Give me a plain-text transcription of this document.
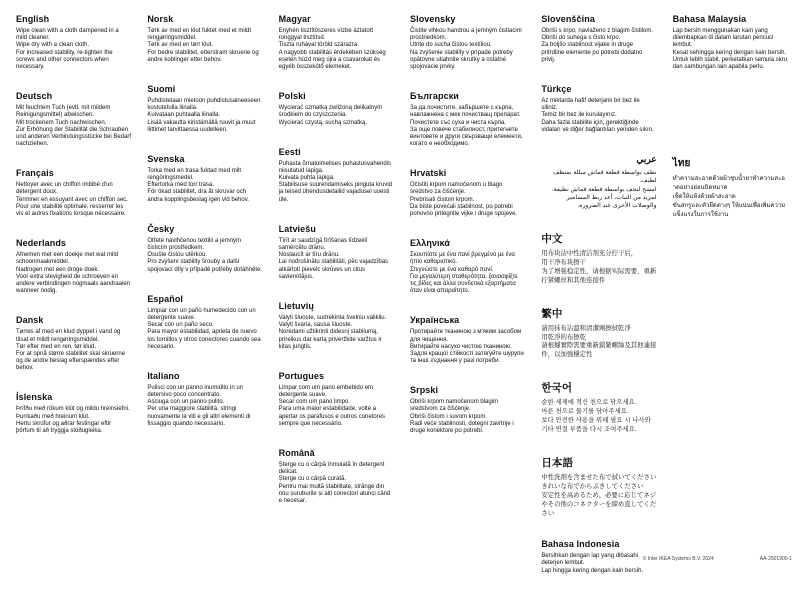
English

Wipe clean with a cloth dampened in a mild cleaner.

Wipe dry with a clean cloth.

For increased stability, re-tighten the screws and other connectors when necessary.

Deutsch

Mit feuchtem Tuch (evtl. mit mildem Reinigungsmittel) abwischen.

Mit trockenem Tuch nachwischen.

Zur Erhöhung der Stabilität die Schrauben und anderen Verbindungsstücke bei Bedarf nachziehen.

Français

Nettoyer avec un chiffon imbibé d'un détergent doux.

Terminer en essuyant avec un chiffon sec.

Pour une stabilité optimale, resserrer les vis et autres fixations lorsque nécessaire.

Nederlands

Afnemen met een doekje met wat mild schoonmaakmiddel.

Nadrogen met een droge doek.

Voor extra stevigheid de schroeven en andere verbindingen nogmaals aandraaien wanneer nodig.

Dansk

Tørres af med en klud dyppet i vand og tilsat et mildt rengøringsmiddel.

Tør efter med en ren, tør klud.

For at opnå større stabilitet skal skruerne og de andre beslag efterspændes efter behov.

Íslenska

Þrífðu með rökum klút og mildu hreinsiefni.

Þurrkaðu með hreinum klút.

Hertu skrúfur og aðrar festingar eftir þörfum til að tryggja stöðugleika.

Norsk

Tørk av med en klut fuktet med et mildt rengjøringsmiddel.

Tørk av med en tørr klut.

For bedre stabilitet, etterstram skruene og andre koblinger etter behov.

Suomi

Puhdistetaan mietoon puhdistusaineeseen kostutetulla liinalla.

Kuivataan puhtaalla liinalla.

Lisää vakautta kiristämällä ruuvit ja muut liittimet tarvittaessa uudelleen.

Svenska

Torka med en trasa fuktad med milt rengöringsmedel.

Eftertorka med torr trasa.

För ökad stabilitet, dra åt skruvar och andra kopplingsbeslag igen vid behov.

Česky

Otřete navlhčenou textilií a jemným čisticím prostředkem.

Osušte čistou utěrkou.

Pro zvýšení stability šrouby a další spojovací díly v případě potřeby dotáhněte.

Español

Limpiar con un paño humedecido con un detergente suave.

Secar con un paño seco.

Para mayor estabilidad, aprieta de nuevo los tornillos y otros conectores cuando sea necesario.

Italiano

Pulisci con un panno inumidito in un detersivo poco concentrato.

Asciuga con un panno pulito.

Per una maggiore stabilità, stringi nuovamente le viti e gli altri elementi di fissaggio quando necessario.

Magyar

Enyhén tisztítószeres vízbe áztatott ronggyal tisztítsd.

Tiszta ruhával töröld szárazra.

A nagyobb stabilitás érdekében szükség esetén húzd meg újra a csavarokat és egyéb összekötő elemeket.

Polski

Wycierać szmatką zwilżoną delikatnym środkiem do czyszczenia.

Wycierać czystą, suchą szmatką.

Eesti

Puhasta õrnatoimelises puhastusvahendis niisutatud lapiga.

Kuivata puhta lapiga.

Stabiilsuse suurendamiseks pinguta kruvid ja teised ühendusdetailid vajadusel uuesti üle.

Latviešu

Tīrīt ar saudzīgā tīrīšanas līdzeklī samērcētu drānu.

Noslaucīt ar tīru drānu.

Lai nodrošinātu stabilitāti, pēc vajadzības atkārtoti pievelc skrūves un citus savienotājus.

Lietuvių

Valyti šluoste, sudrėkinta švelniu valikliu.

Valyti švaria, sausa šluoste.

Norėdami užtikrinti didesnį stabilumą, prireikus dar kartą priveržkite varžtus ir kitas jungtis.

Portugues

Limpar com um pano embebido em detergente suave.

Secar com um pano limpo.

Para uma maior estabilidade, volte a apertar os parafusos e outros conetores sempre que necessário.

Română

Șterge cu o cârpă înmuiată în detergent delicat.

Șterge cu o cârpă curată.

Pentru mai multă stabilitate, strânge din nou șuruburile și alți conectori atunci când e necesar.

Slovensky

Čistite vlhkou handrou a jemným čistiacim prostriedkom.

Utrite do sucha čistou textíliou.

Na zvýšenie stability v prípade potreby opätovne utiahnite skrutky a ostatné spojovacie prvky.

Български

За да почистите, забършете с кърпа, навлажнена с мек почистващ препарат.

Почистете със суха и чиста кърпа.

За още повече стабилност, притегнете винтовете и други свързващи елементи, когато е необходимо.

Hrvatski

Očistiti krpom namočenom u blago sredstvo za čišćenje.

Prebrisati čistom krpom.

Da biste povećali stabilnost, po potrebi ponovno pritegnite vijke i druge spojeve.

Ελληνικά

Σκουπίστε με ένα πανί βρεγμένο με ένα ήπιο καθαριστικό.

Στεγνώστε με ένα καθαρό πανί.

Για μεγαλύτερη σταθερότητα, ξανασφίξτε τις βίδες και άλλα συνδετικά εξαρτήματα όταν είναι απαραίτητο.

Українська

Протирайте тканиною з м'яким засобом для чищення.

Витирайте насухо чистою тканиною.

Задля кращої стійкості затягуйте шурупи та інші з'єднання у разі потреби.

Srpski

Obriši krpom namočenom blagim sredstvom za čišćenje.

Obriši čistom i suvom krpom.

Radi veće stabilnosti, dotegni zavrtnje i druge konektore po potrebi.

Slovenščina

Obriši s krpo, navlaženo z blagim čistilom.

Obriši do suhega s čisto krpo.

Za boljšo stabilnost vijake in druge pritrdilne elemente po potrebi dodatno privij.

Türkçe

Az miktarda hafif deterjanlı bir bez ile siliniz.

Temiz bir bez ile kurulayınız.

Daha fazla stabilite için, gerektiğinde vidaları ve diğer bağlantıları yeniden sıkın.

عربي

نظف بواسطة قطعة قماش مبللة بمنظف لطيف.

امسح لتجف بواسطة قطعة قماش نظيفة.

لمزيد من الثبات، أعد ربط المسامير والوصلات الأخرى عند الضرورة.

中文

用布块沾中性清洁剂充分拧干后，

用干净布块擦干

为了增强稳定性，请根据实际需要，重新拧紧螺丝和其他连接件

繁中

請用抹布沾溫和清潔劑擦拭乾淨

用乾淨的布擦乾

請根據實際需要重新鎖緊螺絲及其他連接件，以加強穩定性

한국어

순한 세제에 적신 천으로 닦으세요.

마른 천으로 물기를 닦아주세요.

보다 안전한 사용을 위해 필요 시 나사와 기타 연결 부품을 다시 조여주세요.

日本語

中性洗剤を含ませた布で拭いてください

きれいな布でからぶきしてください

安定性を高めるため、必要に応じてネジやその他のコネクターを締め直してください

Bahasa Indonesia

Bersihkan dengan lap yang dibasahi deterjen lembut.

Lap hingga kering dengan kain bersih.

Bahasa Malaysia

Lap bersih menggunakan kain yang dilembapkan di dalam larutan pencuci lembut.

Kesat sehingga kering dengan kain bersih.

Untuk lebih stabil, perketatkan semula skru dan sambungan lain apabila perlu.

ไทย

ทำความสะอาดด้วยผ้าชุบน้ำยาทำความสะอาดอย่างอ่อนบิดหมาด

เช็ดให้แห้งด้วยผ้าสะอาด

ขันสกรูและตัวยึดต่างๆ ให้แน่นเพื่อเพิ่มความแข็งแรงในการใช้งาน

© Inter IKEA Systems B.V. 2024	AA-2501900-1
